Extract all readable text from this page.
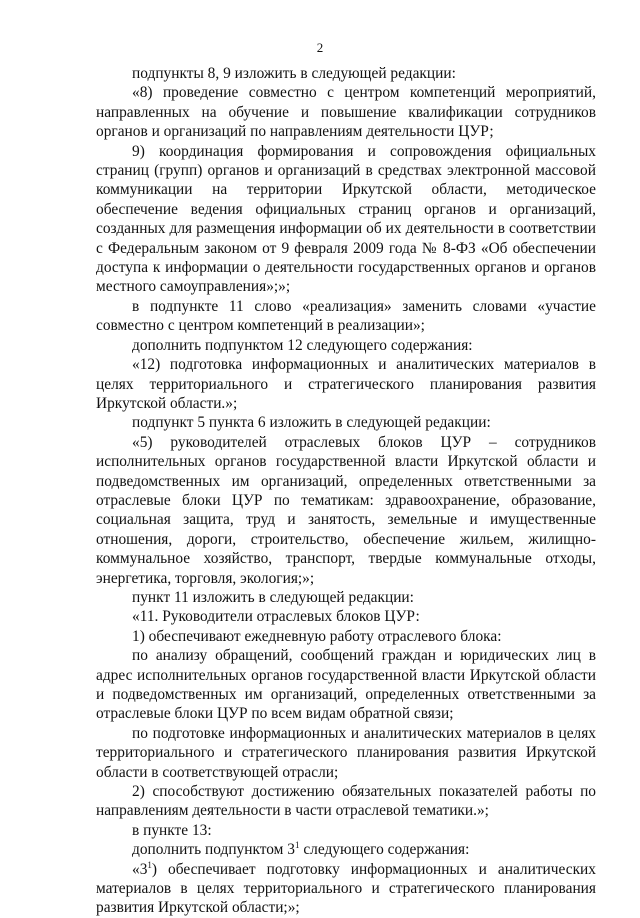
2

подпункты 8, 9 изложить в следующей редакции:

«8) проведение совместно с центром компетенций мероприятий, направленных на обучение и повышение квалификации сотрудников органов и организаций по направлениям деятельности ЦУР;

9) координация формирования и сопровождения официальных страниц (групп) органов и организаций в средствах электронной массовой коммуникации на территории Иркутской области, методическое обеспечение ведения официальных страниц органов и организаций, созданных для размещения информации об их деятельности в соответствии с Федеральным законом от 9 февраля 2009 года № 8-ФЗ «Об обеспечении доступа к информации о деятельности государственных органов и органов местного самоуправления»;»;

в подпункте 11 слово «реализация» заменить словами «участие совместно с центром компетенций в реализации»;

дополнить подпунктом 12 следующего содержания:

«12) подготовка информационных и аналитических материалов в целях территориального и стратегического планирования развития Иркутской области.»;

подпункт 5 пункта 6 изложить в следующей редакции:

«5) руководителей отраслевых блоков ЦУР – сотрудников исполнительных органов государственной власти Иркутской области и подведомственных им организаций, определенных ответственными за отраслевые блоки ЦУР по тематикам: здравоохранение, образование, социальная защита, труд и занятость, земельные и имущественные отношения, дороги, строительство, обеспечение жильем, жилищно-коммунальное хозяйство, транспорт, твердые коммунальные отходы, энергетика, торговля, экология;»;

пункт 11 изложить в следующей редакции:

«11. Руководители отраслевых блоков ЦУР:

1) обеспечивают ежедневную работу отраслевого блока:

по анализу обращений, сообщений граждан и юридических лиц в адрес исполнительных органов государственной власти Иркутской области и подведомственных им организаций, определенных ответственными за отраслевые блоки ЦУР по всем видам обратной связи;

по подготовке информационных и аналитических материалов в целях территориального и стратегического планирования развития Иркутской области в соответствующей отрасли;

2) способствуют достижению обязательных показателей работы по направлениям деятельности в части отраслевой тематики.»;

в пункте 13:

дополнить подпунктом $3^1$ следующего содержания:

«$3^1$) обеспечивает подготовку информационных и аналитических материалов в целях территориального и стратегического планирования развития Иркутской области;»;
